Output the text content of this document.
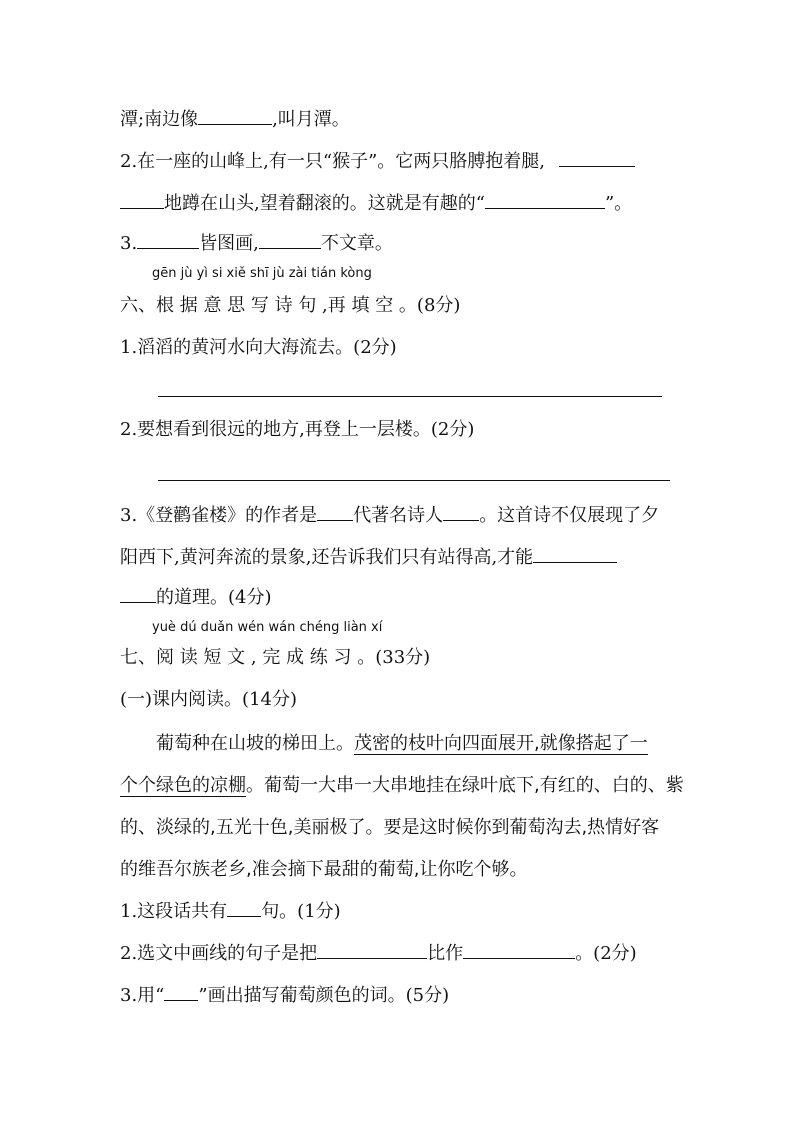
潭;南边像	,叫月潭。
2.在一座的山峰上,有一只“猴子”。它两只胳膊抱着腿,
地蹲在山头,望着翻滚的。这就是有趣的“	”。
3.	皆图画,	不文章。
gēn jù yì si xiě shī jù zài tián kòng
六、根 据 意 思 写 诗 句 ,再 填 空 。(8分)
1.滔滔的黄河水向大海流去。(2分)
2.要想看到很远的地方,再登上一层楼。(2分)
3.《登鹳雀楼》的作者是 代著名诗人 。这首诗不仅展现了夕
阳西下,黄河奔流的景象,还告诉我们只有站得高,才能
的道理。(4分)
yuè dú duǎn wén wán chéng liàn xí
七、阅 读 短 文 , 完 成 练 习 。(33分)
(一)课内阅读。(14分)
葡萄种在山坡的梯田上。茂密的枝叶向四面展开,就像搭起了一
个个绿色的凉棚。葡萄一大串一大串地挂在绿叶底下,有红的、白的、紫
的、淡绿的,五光十色,美丽极了。要是这时候你到葡萄沟去,热情好客
的维吾尔族老乡,准会摘下最甜的葡萄,让你吃个够。
1.这段话共有 句。(1分)
2.选文中画线的句子是把	比作	。(2分)
3.用“ ”画出描写葡萄颜色的词。(5分)
